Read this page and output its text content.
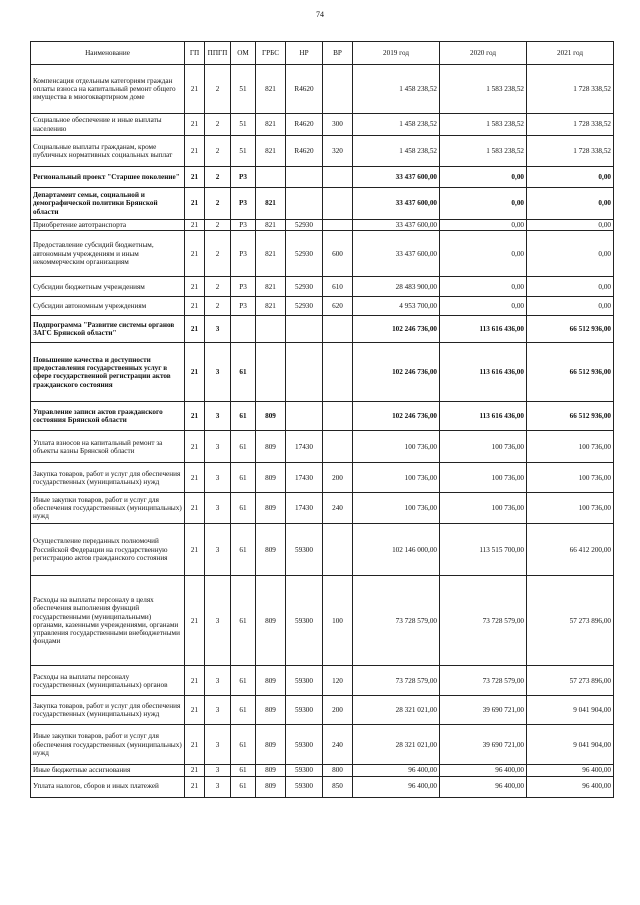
74
Наименование	ГП	ППГП	ОМ	ГРБС	НР	ВР	2019 год	2020 год	2021 год
Компенсация отдельным категориям граждан оплаты взноса на капитальный ремонт общего имущества в многоквартирном доме	21	2	51	821	R4620		1 458 238,52	1 583 238,52	1 728 338,52
Социальное обеспечение и иные выплаты населению	21	2	51	821	R4620	300	1 458 238,52	1 583 238,52	1 728 338,52
Социальные выплаты гражданам, кроме публичных нормативных социальных выплат	21	2	51	821	R4620	320	1 458 238,52	1 583 238,52	1 728 338,52
Региональный проект "Старшее поколение"	21	2	P3				33 437 600,00	0,00	0,00
Департамент семьи, социальной и демографической политики Брянской области	21	2	P3	821			33 437 600,00	0,00	0,00
Приобретение автотранспорта	21	2	P3	821	52930		33 437 600,00	0,00	0,00
Предоставление субсидий бюджетным, автономным учреждениям и иным некоммерческим организациям	21	2	P3	821	52930	600	33 437 600,00	0,00	0,00
Субсидии бюджетным учреждениям	21	2	P3	821	52930	610	28 483 900,00	0,00	0,00
Субсидии автономным учреждениям	21	2	P3	821	52930	620	4 953 700,00	0,00	0,00
Подпрограмма "Развитие системы органов ЗАГС Брянской области"	21	3					102 246 736,00	113 616 436,00	66 512 936,00
Повышение качества и доступности предоставления государственных услуг в сфере государственной регистрации актов гражданского состояния	21	3	61				102 246 736,00	113 616 436,00	66 512 936,00
Управление записи актов гражданского состояния Брянской области	21	3	61	809			102 246 736,00	113 616 436,00	66 512 936,00
Уплата взносов на капитальный ремонт за объекты казны Брянской области	21	3	61	809	17430		100 736,00	100 736,00	100 736,00
Закупка товаров, работ и услуг для обеспечения государственных (муниципальных) нужд	21	3	61	809	17430	200	100 736,00	100 736,00	100 736,00
Иные закупки товаров, работ и услуг для обеспечения государственных (муниципальных) нужд	21	3	61	809	17430	240	100 736,00	100 736,00	100 736,00
Осуществление переданных полномочий Российской Федерации на государственную регистрацию актов гражданского состояния	21	3	61	809	59300		102 146 000,00	113 515 700,00	66 412 200,00
Расходы на выплаты персоналу в целях обеспечения выполнения функций государственными (муниципальными) органами, казенными учреждениями, органами управления государственными внебюджетными фондами	21	3	61	809	59300	100	73 728 579,00	73 728 579,00	57 273 896,00
Расходы на выплаты персоналу государственных (муниципальных) органов	21	3	61	809	59300	120	73 728 579,00	73 728 579,00	57 273 896,00
Закупка товаров, работ и услуг для обеспечения государственных (муниципальных) нужд	21	3	61	809	59300	200	28 321 021,00	39 690 721,00	9 041 904,00
Иные закупки товаров, работ и услуг для обеспечения государственных (муниципальных) нужд	21	3	61	809	59300	240	28 321 021,00	39 690 721,00	9 041 904,00
Иные бюджетные ассигнования	21	3	61	809	59300	800	96 400,00	96 400,00	96 400,00
Уплата налогов, сборов и иных платежей	21	3	61	809	59300	850	96 400,00	96 400,00	96 400,00
